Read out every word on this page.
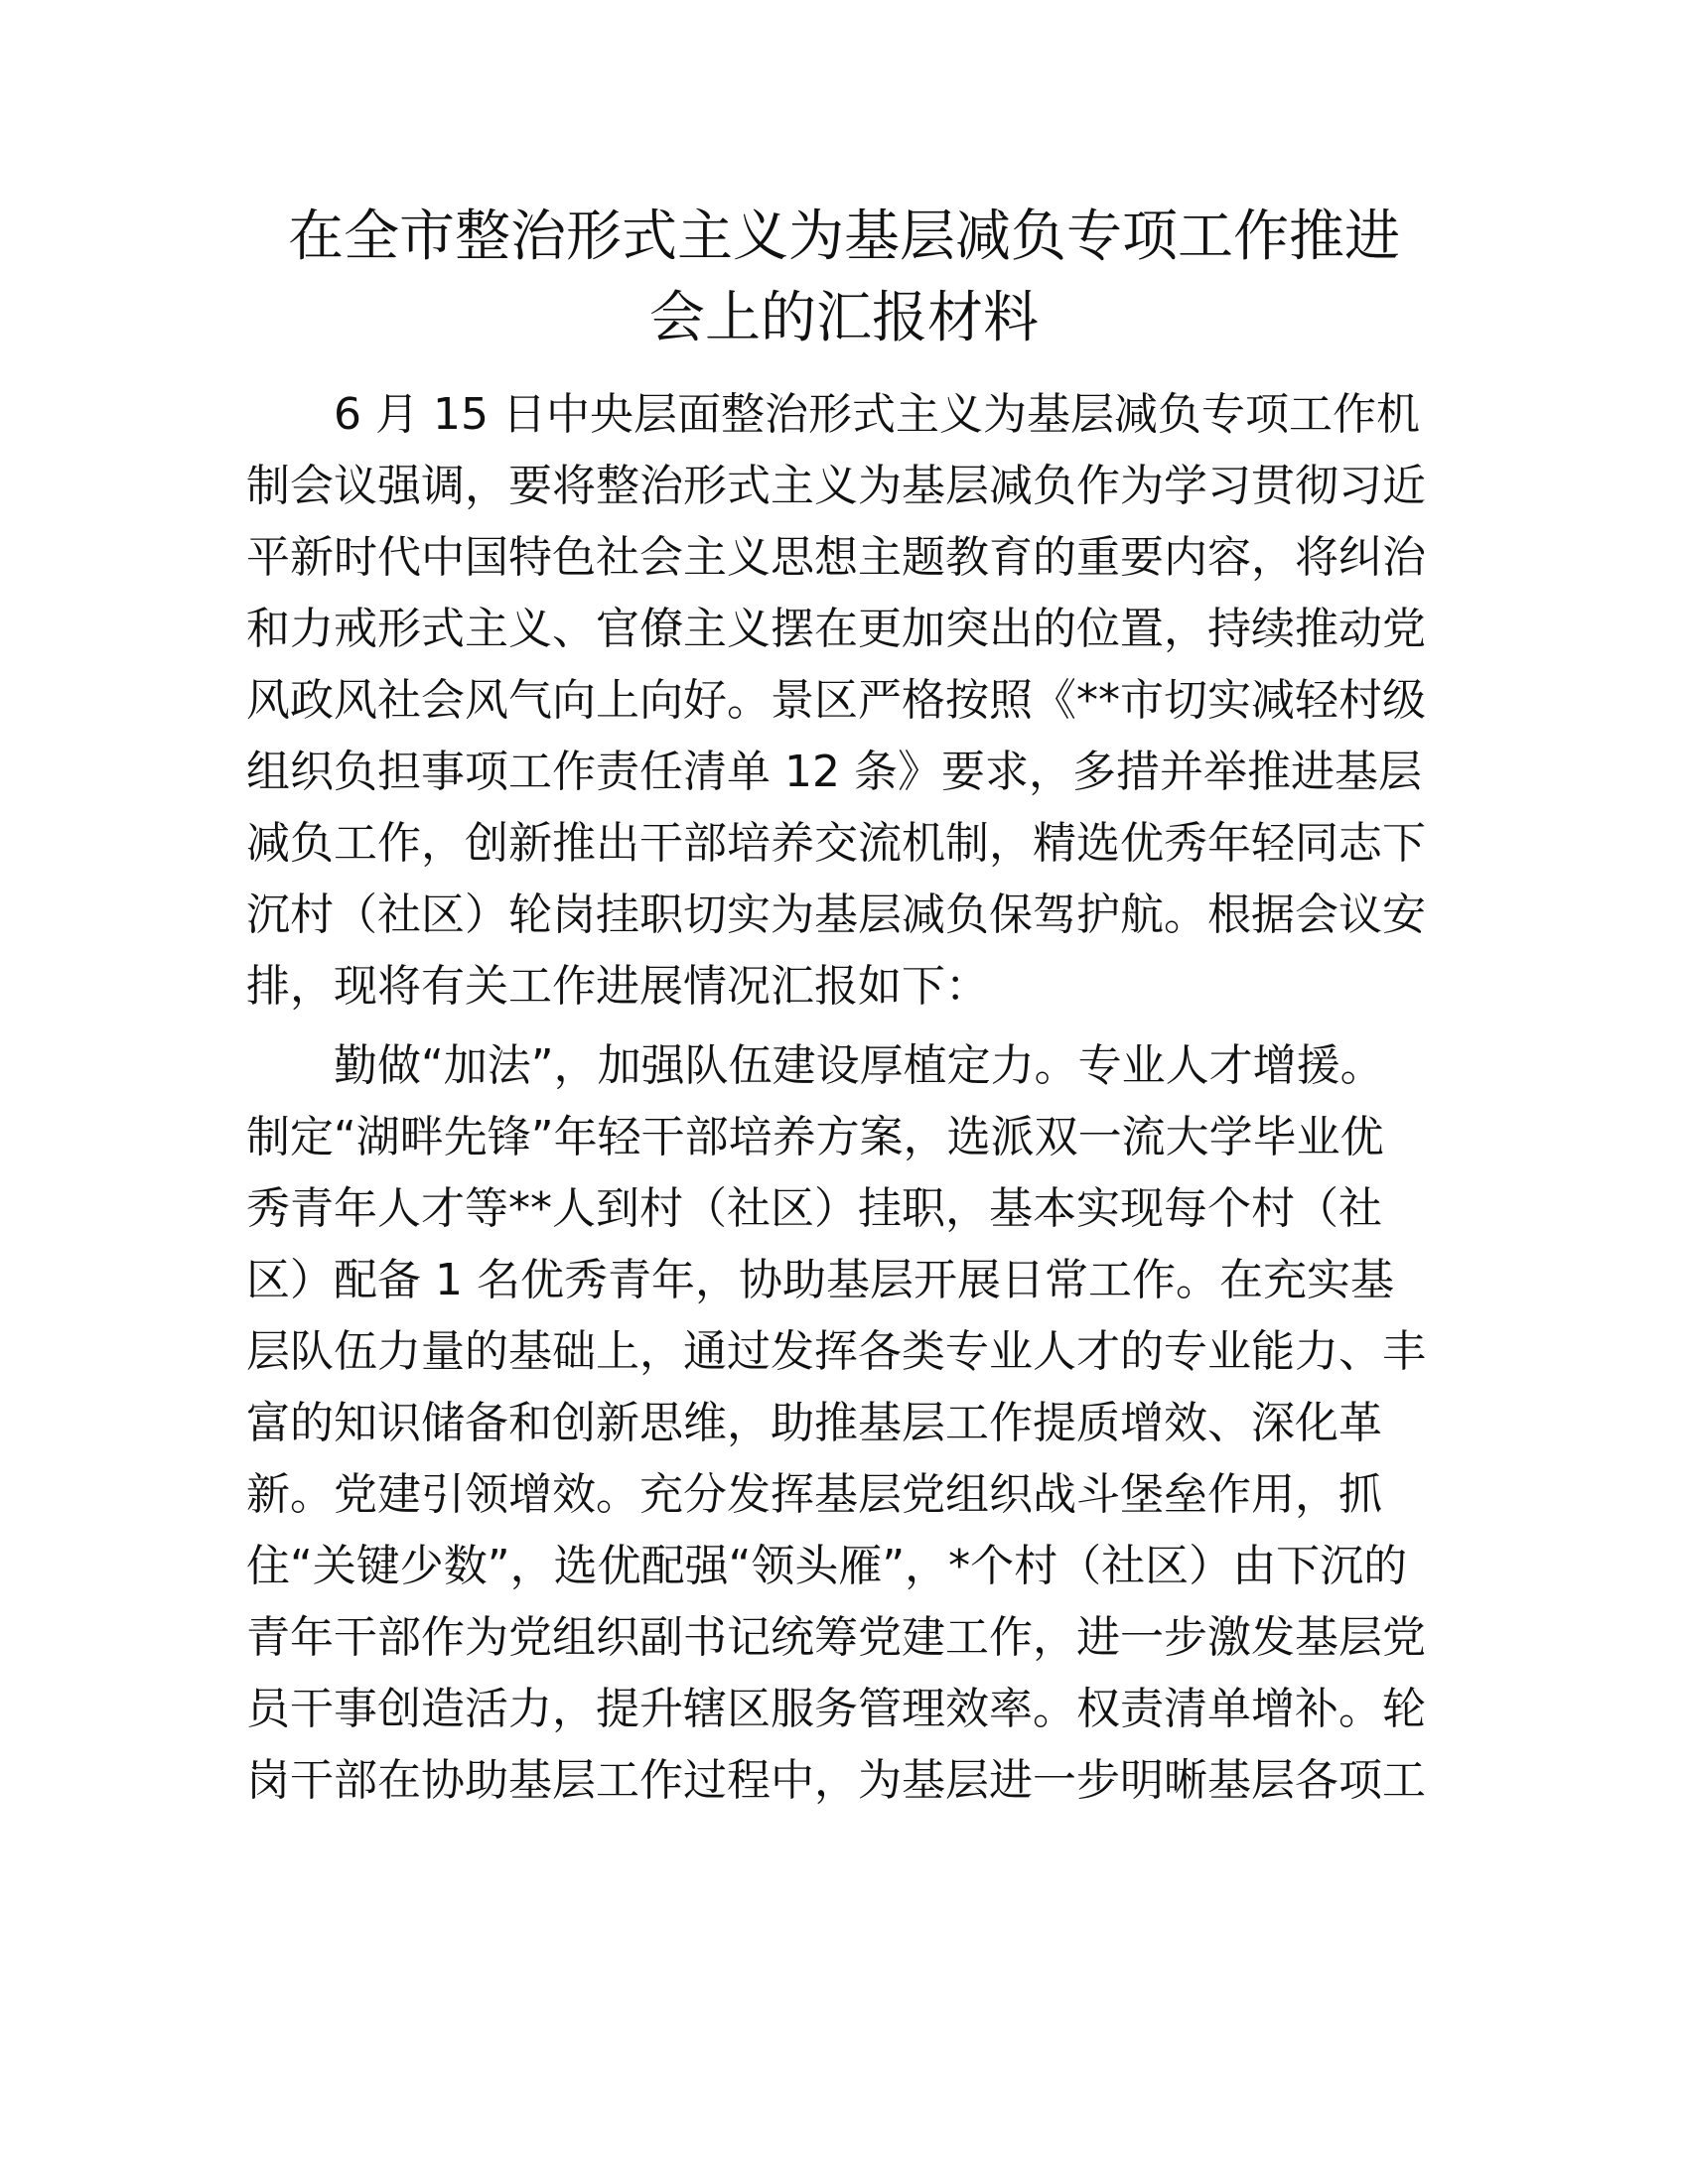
在全市整治形式主义为基层减负专项工作推进
会上的汇报材料
6 月 15 日中央层面整治形式主义为基层减负专项工作机
制会议强调，要将整治形式主义为基层减负作为学习贯彻习近
平新时代中国特色社会主义思想主题教育的重要内容，将纠治
和力戒形式主义、官僚主义摆在更加突出的位置，持续推动党
风政风社会风气向上向好。景区严格按照《**市切实减轻村级
组织负担事项工作责任清单 12 条》要求，多措并举推进基层
减负工作，创新推出干部培养交流机制，精选优秀年轻同志下
沉村（社区）轮岗挂职切实为基层减负保驾护航。根据会议安
排，现将有关工作进展情况汇报如下：
勤做“加法”，加强队伍建设厚植定力。专业人才增援。
制定“湖畔先锋”年轻干部培养方案，选派双一流大学毕业优
秀青年人才等**人到村（社区）挂职，基本实现每个村（社
区）配备 1 名优秀青年，协助基层开展日常工作。在充实基
层队伍力量的基础上，通过发挥各类专业人才的专业能力、丰
富的知识储备和创新思维，助推基层工作提质增效、深化革
新。党建引领增效。充分发挥基层党组织战斗堡垒作用，抓
住“关键少数”，选优配强“领头雁”，*个村（社区）由下沉的
青年干部作为党组织副书记统筹党建工作，进一步激发基层党
员干事创造活力，提升辖区服务管理效率。权责清单增补。轮
岗干部在协助基层工作过程中，为基层进一步明晰基层各项工
